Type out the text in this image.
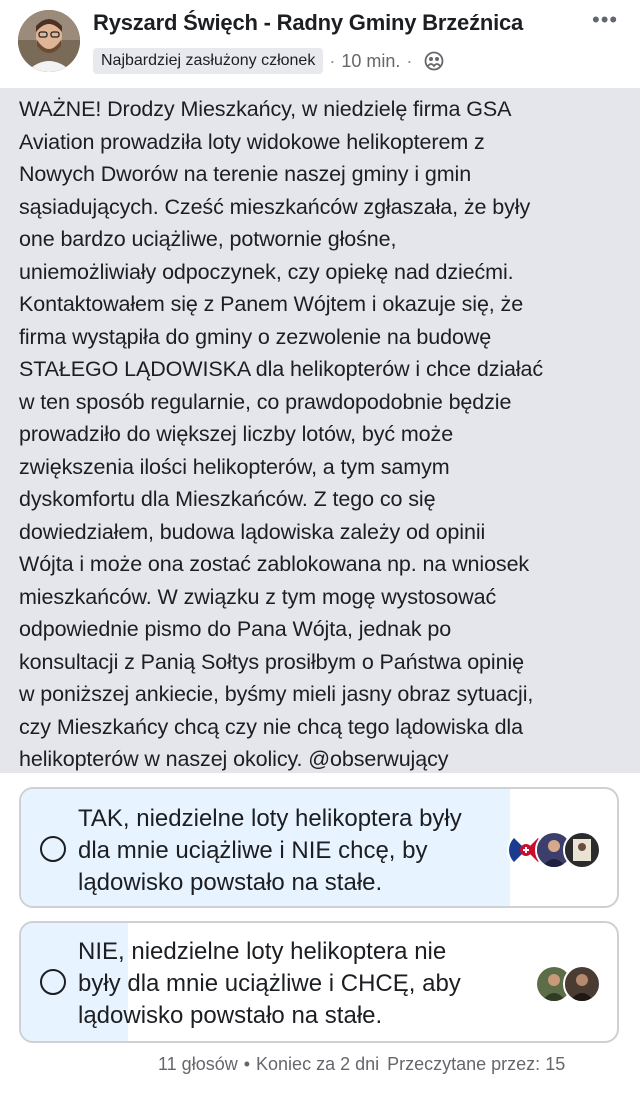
Ryszard Święch - Radny Gminy Brzeźnica	•••
Najbardziej zasłużony członek · 10 min. ·
WAŻNE! Drodzy Mieszkańcy, w niedzielę firma GSA
Aviation prowadziła loty widokowe helikopterem z
Nowych Dworów na terenie naszej gminy i gmin
sąsiadujących. Cześć mieszkańców zgłaszała, że były
one bardzo uciążliwe, potwornie głośne,
uniemożliwiały odpoczynek, czy opiekę nad dziećmi.
Kontaktowałem się z Panem Wójtem i okazuje się, że
firma wystąpiła do gminy o zezwolenie na budowę
STAŁEGO LĄDOWISKA dla helikopterów i chce działać
w ten sposób regularnie, co prawdopodobnie będzie
prowadziło do większej liczby lotów, być może
zwiększenia ilości helikopterów, a tym samym
dyskomfortu dla Mieszkańców. Z tego co się
dowiedziałem, budowa lądowiska zależy od opinii
Wójta i może ona zostać zablokowana np. na wniosek
mieszkańców. W związku z tym mogę wystosować
odpowiednie pismo do Pana Wójta, jednak po
konsultacji z Panią Sołtys prosiłbym o Państwa opinię
w poniższej ankiecie, byśmy mieli jasny obraz sytuacji,
czy Mieszkańcy chcą czy nie chcą tego lądowiska dla
helikopterów w naszej okolicy. @obserwujący
TAK, niedzielne loty helikoptera były
dla mnie uciążliwe i NIE chcę, by
lądowisko powstało na stałe.
NIE, niedzielne loty helikoptera nie
były dla mnie uciążliwe i CHCĘ, aby
lądowisko powstało na stałe.
11 głosów • Koniec za 2 dni Przeczytane przez: 15
